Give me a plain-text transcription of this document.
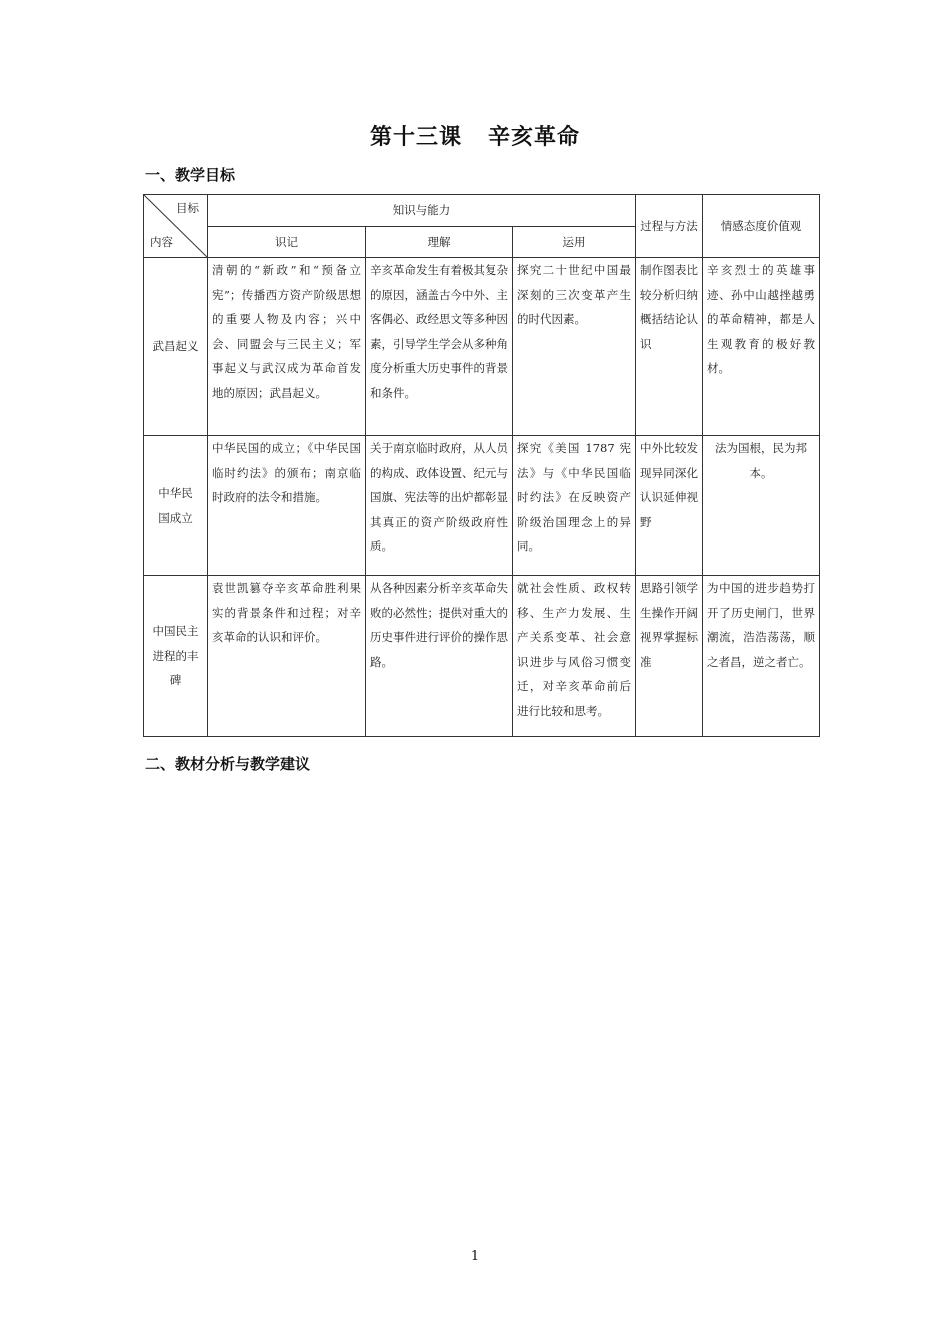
第十三课 辛亥革命
一、教学目标
目标
内容	知识与能力			过程与方法	情感态度价值观
	识记	理解	运用		
武昌起义	清朝的“新政”和“预备立宪”；传播西方资产阶级思想的重要人物及内容；兴中会、同盟会与三民主义；军事起义与武汉成为革命首发地的原因；武昌起义。	辛亥革命发生有着极其复杂的原因，涵盖古今中外、主客偶必、政经思文等多种因素，引导学生学会从多种角度分析重大历史事件的背景和条件。	探究二十世纪中国最深刻的三次变革产生的时代因素。	制作图表比较分析归纳概括结论认识	辛亥烈士的英雄事迹、孙中山越挫越勇的革命精神，都是人生观教育的极好教材。
中华民国成立	中华民国的成立；《中华民国临时约法》的颁布；南京临时政府的法令和措施。	关于南京临时政府，从人员的构成、政体设置、纪元与国旗、宪法等的出炉都彰显其真正的资产阶级政府性质。	探究《美国 1787 宪法》与《中华民国临时约法》在反映资产阶级治国理念上的异同。	中外比较发现异同深化认识延伸视野	法为国根，民为邦本。
中国民主进程的丰碑	袁世凯篡夺辛亥革命胜利果实的背景条件和过程；对辛亥革命的认识和评价。	从各种因素分析辛亥革命失败的必然性；提供对重大的历史事件进行评价的操作思路。	就社会性质、政权转移、生产力发展、生产关系变革、社会意识进步与风俗习惯变迁，对辛亥革命前后进行比较和思考。	思路引领学生操作开阔视界掌握标准	为中国的进步趋势打开了历史闸门，世界潮流，浩浩荡荡，顺之者昌，逆之者亡。
二、教材分析与教学建议
1
